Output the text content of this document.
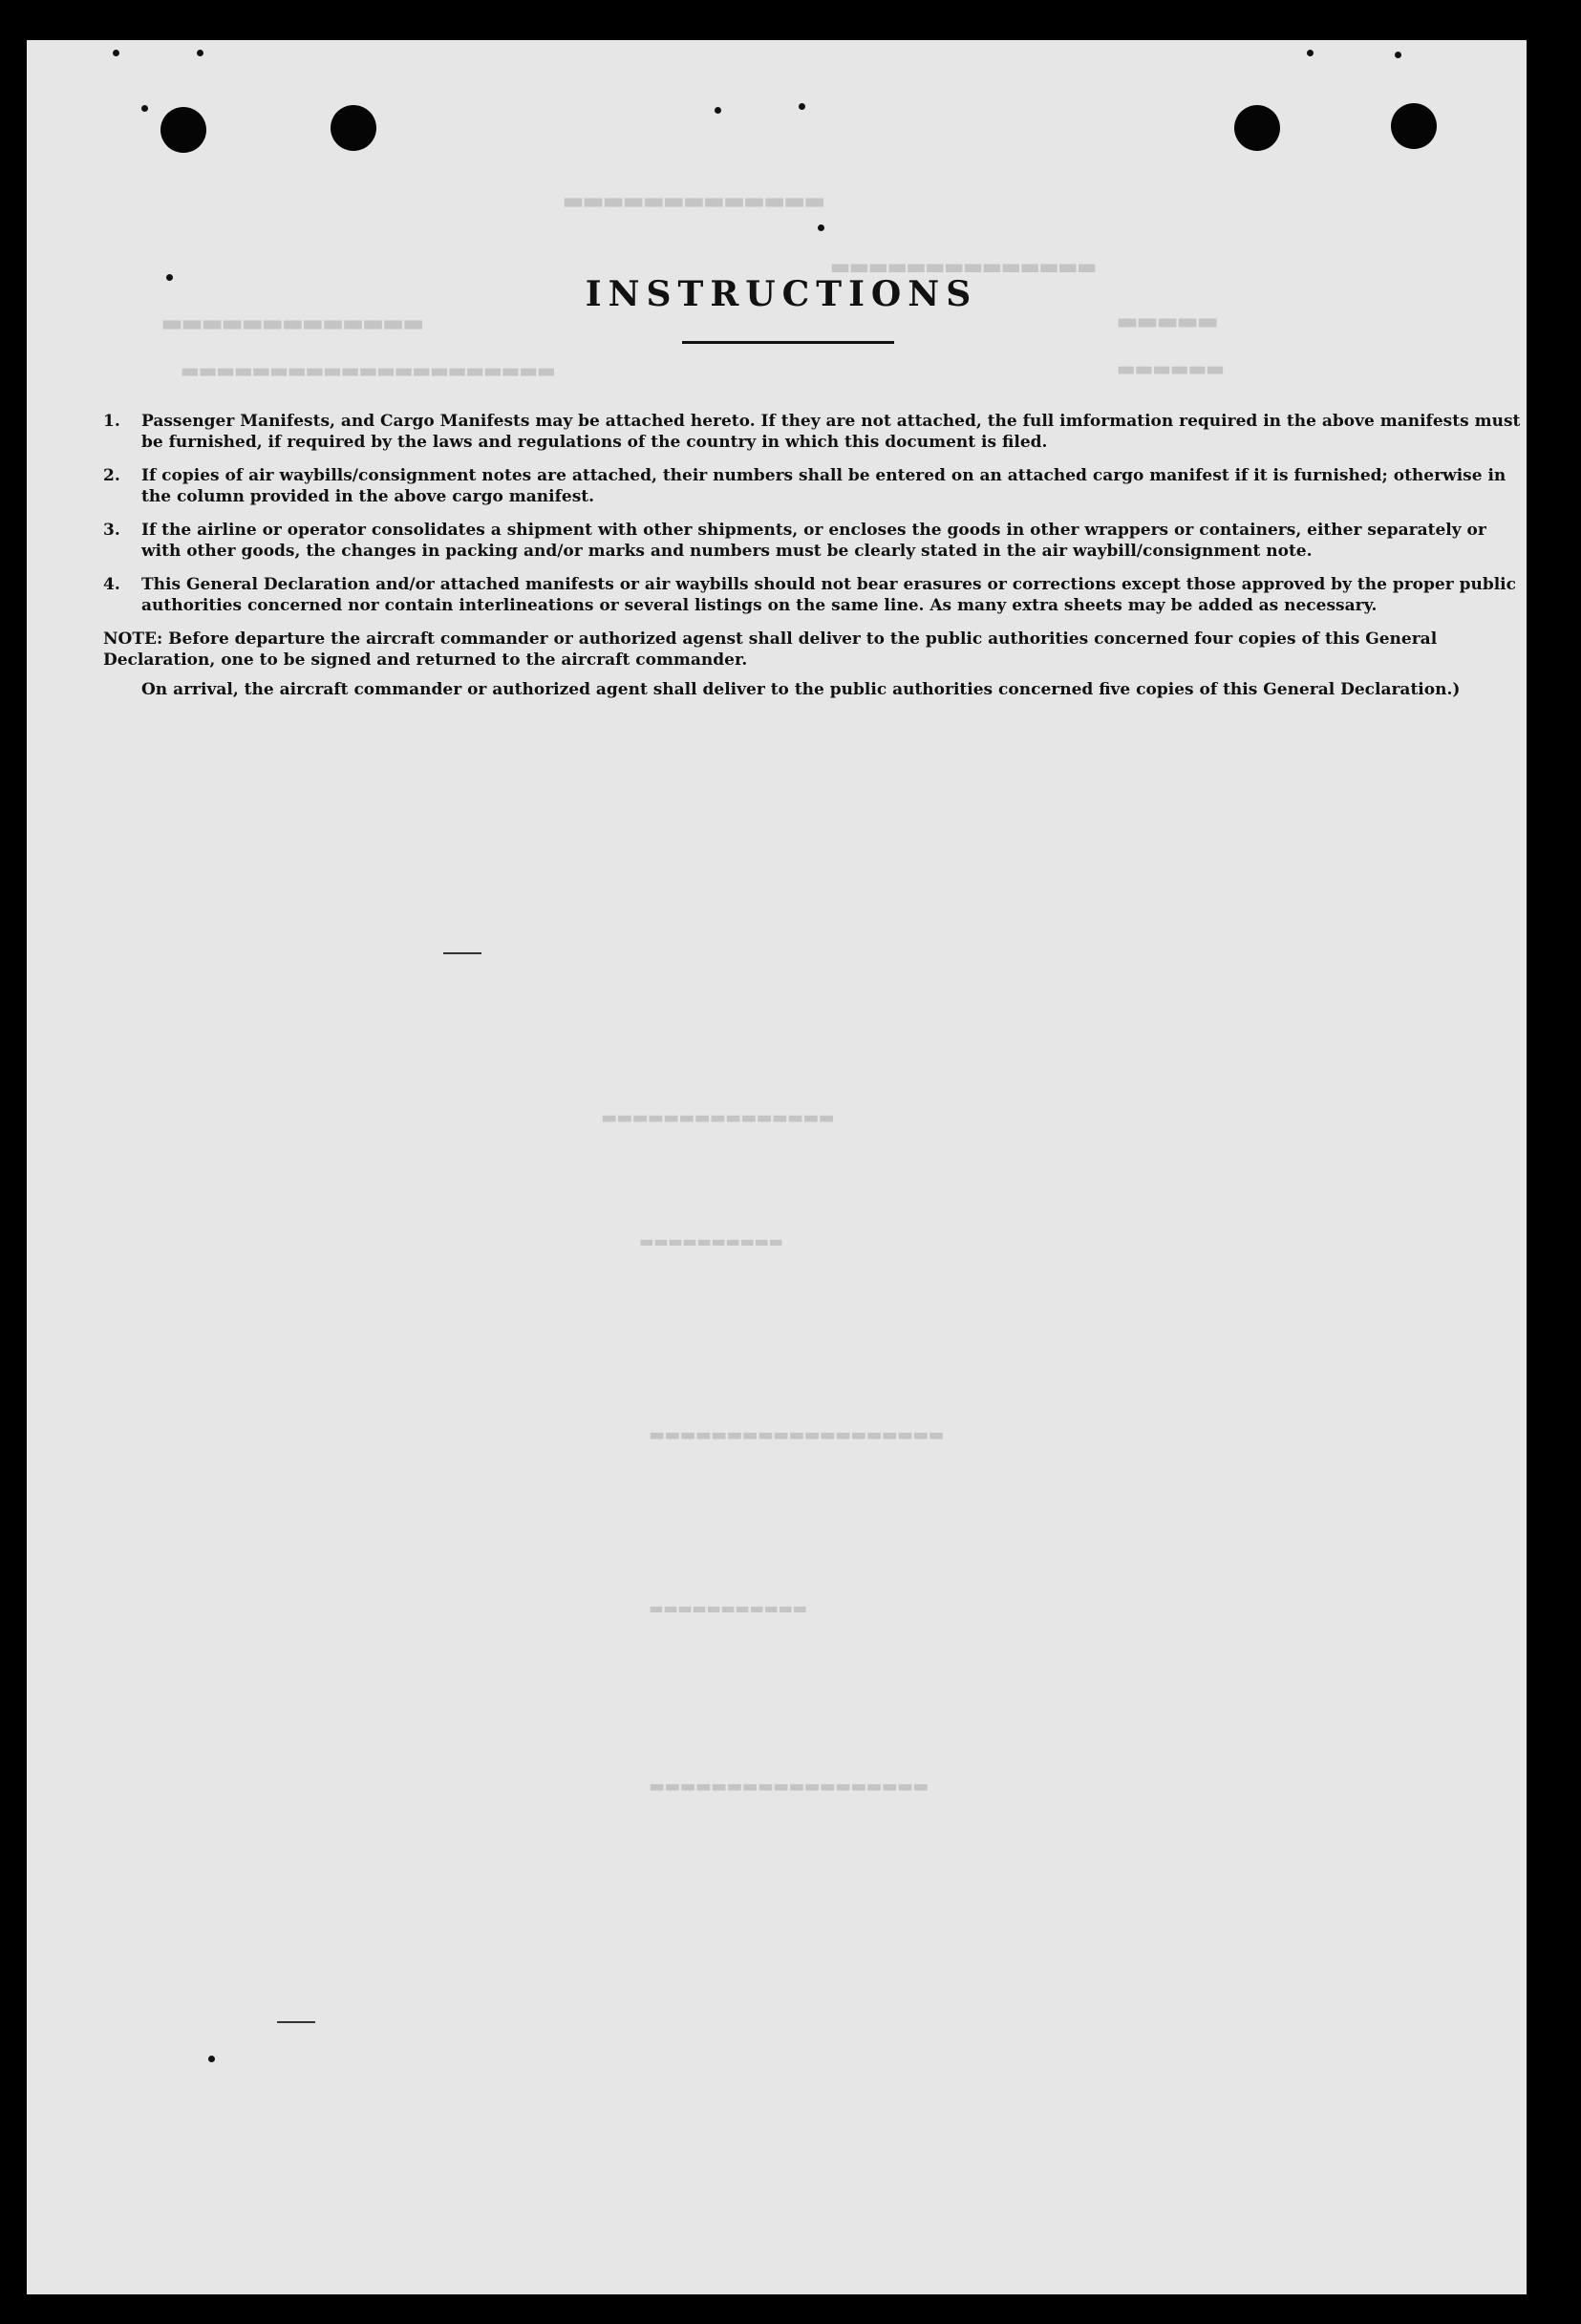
▂▂▂▂▂▂▂▂▂▂▂▂▂
▂▂▂▂▂▂▂▂▂▂▂▂▂▂
▂▂▂▂▂▂▂▂▂▂▂▂▂
▂▂▂▂▂▂▂▂▂▂▂▂▂▂▂▂▂▂▂▂▂
▂▂▂▂▂
▂▂▂▂▂▂
▂▂▂▂▂▂▂▂▂▂▂▂▂▂▂
▂▂▂▂▂▂▂▂▂▂
▂▂▂▂▂▂▂▂▂▂▂▂▂▂▂▂▂▂▂
▂▂▂▂▂▂▂▂▂▂▂
▂▂▂▂▂▂▂▂▂▂▂▂▂▂▂▂▂▂
INSTRUCTIONS
1. Passenger Manifests, and Cargo Manifests may be attached hereto. If they are not attached, the full imformation required in the above manifests must be furnished, if required by the laws and regulations of the country in which this document is filed.
2. If copies of air waybills/consignment notes are attached, their numbers shall be entered on an attached cargo manifest if it is furnished; otherwise in the column provided in the above cargo manifest.
3. If the airline or operator consolidates a shipment with other shipments, or encloses the goods in other wrappers or containers, either separately or with other goods, the changes in packing and/or marks and numbers must be clearly stated in the air waybill/consignment note.
4. This General Declaration and/or attached manifests or air waybills should not bear erasures or corrections except those approved by the proper public authorities concerned nor contain interlineations or several listings on the same line. As many extra sheets may be added as necessary.

NOTE: Before departure the aircraft commander or authorized agenst shall deliver to the public authorities concerned four copies of this General Declaration, one to be signed and returned to the aircraft commander.

On arrival, the aircraft commander or authorized agent shall deliver to the public authorities concerned five copies of this General Declaration.)
